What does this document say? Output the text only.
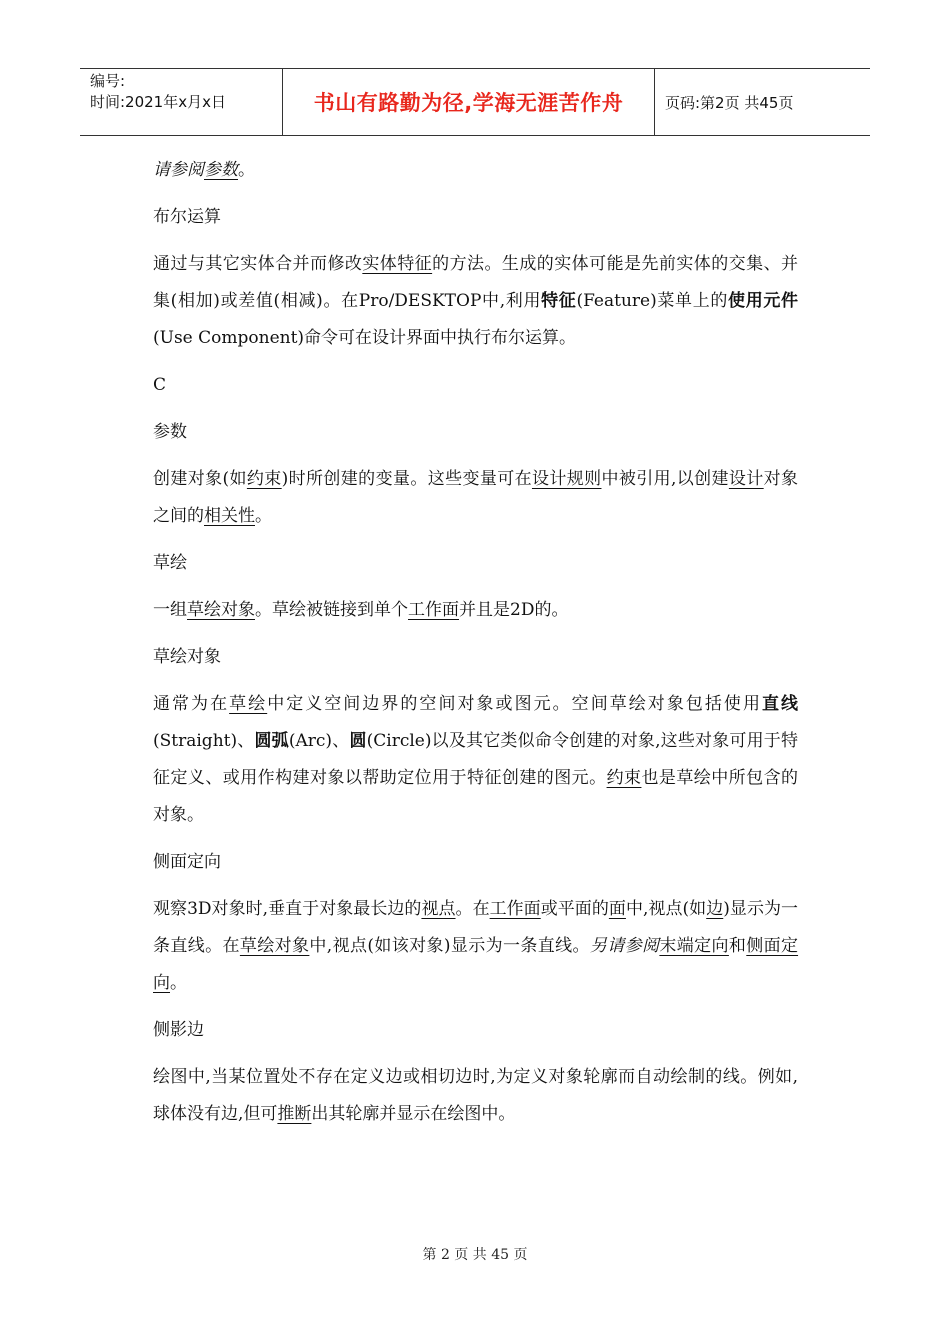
编号:
时间:2021年x月x日	书山有路勤为径,学海无涯苦作舟	页码:第2页 共45页

请参阅参数。

布尔运算

通过与其它实体合并而修改实体特征的方法。生成的实体可能是先前实体的交集、并集(相加)或差值(相减)。在Pro/DESKTOP中,利用特征(Feature)菜单上的使用元件(Use Component)命令可在设计界面中执行布尔运算。

C

参数

创建对象(如约束)时所创建的变量。这些变量可在设计规则中被引用,以创建设计对象之间的相关性。

草绘

一组草绘对象。草绘被链接到单个工作面并且是2D的。

草绘对象

通常为在草绘中定义空间边界的空间对象或图元。空间草绘对象包括使用直线(Straight)、圆弧(Arc)、圆(Circle)以及其它类似命令创建的对象,这些对象可用于特征定义、或用作构建对象以帮助定位用于特征创建的图元。约束也是草绘中所包含的对象。

侧面定向

观察3D对象时,垂直于对象最长边的视点。在工作面或平面的面中,视点(如边)显示为一条直线。在草绘对象中,视点(如该对象)显示为一条直线。另请参阅末端定向和侧面定向。

侧影边

绘图中,当某位置处不存在定义边或相切边时,为定义对象轮廓而自动绘制的线。例如,球体没有边,但可推断出其轮廓并显示在绘图中。

第 2 页 共 45 页
